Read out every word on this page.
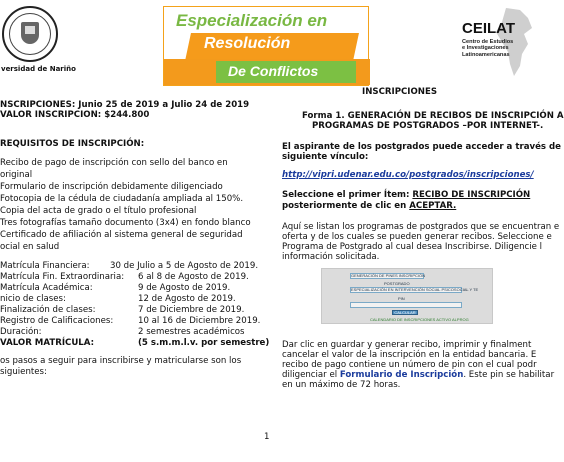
versidad de Nariño
Especialización en
Resolución
De Conflictos
CEILAT
Centro de Estudios
e Investigaciones
Latinoamericanas
NSCRIPCIONES: Junio 25 de 2019 a Julio 24 de 2019
VALOR INSCRIPCION: $244.800
REQUISITOS DE INSCRIPCIÓN:
Recibo de pago de inscripción con sello del banco en
original
Formulario de inscripción debidamente diligenciado
Fotocopia de la cédula de ciudadanía ampliada al 150%.
Copia del acta de grado o el título profesional
Tres fotografías tamaño documento (3x4) en fondo blanco
Certificado de afiliación al sistema general de seguridad
ocial en salud
Matrícula Financiera: 30 de Julio a 5 de Agosto de 2019.
Matrícula Fin. Extraordinaria: 6 al 8 de Agosto de 2019.
Matrícula Académica:	9 de Agosto de 2019.
nicio de clases:	12 de Agosto de 2019.
Finalización de clases:	7 de Diciembre de 2019.
Registro de Calificaciones:	10 al 16 de Diciembre 2019.
Duración:	2 semestres académicos
VALOR MATRÍCULA:	(5 s.m.m.l.v. por semestre)
os pasos a seguir para inscribirse y matricularse son los
siguientes:
INSCRIPCIONES
Forma 1. GENERACIÓN DE RECIBOS DE INSCRIPCIÓN A
PROGRAMAS DE POSTGRADOS –POR INTERNET-.
El aspirante de los postgrados puede acceder a través de
siguiente vínculo:
http://vipri.udenar.edu.co/postgrados/inscripciones/
Seleccione el primer Ítem: RECIBO DE INSCRIPCIÓN
posteriormente de clic en ACEPTAR.
Aquí se listan los programas de postgrados que se encuentran e
oferta y de los cuales se pueden generar recibos. Seleccione e
Programa de Postgrado al cual desea Inscribirse. Diligencie l
información solicitada.
GENERACIÓN DE PINES INSCRIPCIÓN
POSTGRADO
ESPECIALIZACIÓN EN INTERVENCIÓN SOCIAL PSICOSOCIAL Y TE
PIN
CALCULAR
CALENDARIO DE INSCRIPCIONES ACTIVO ALPROG
Dar clic en guardar y generar recibo, imprimir y finalment
cancelar el valor de la inscripción en la entidad bancaria. E
recibo de pago contiene un número de pin con el cual podr
diligenciar el Formulario de Inscripción. Este pin se habilitar
en un máximo de 72 horas.
1
